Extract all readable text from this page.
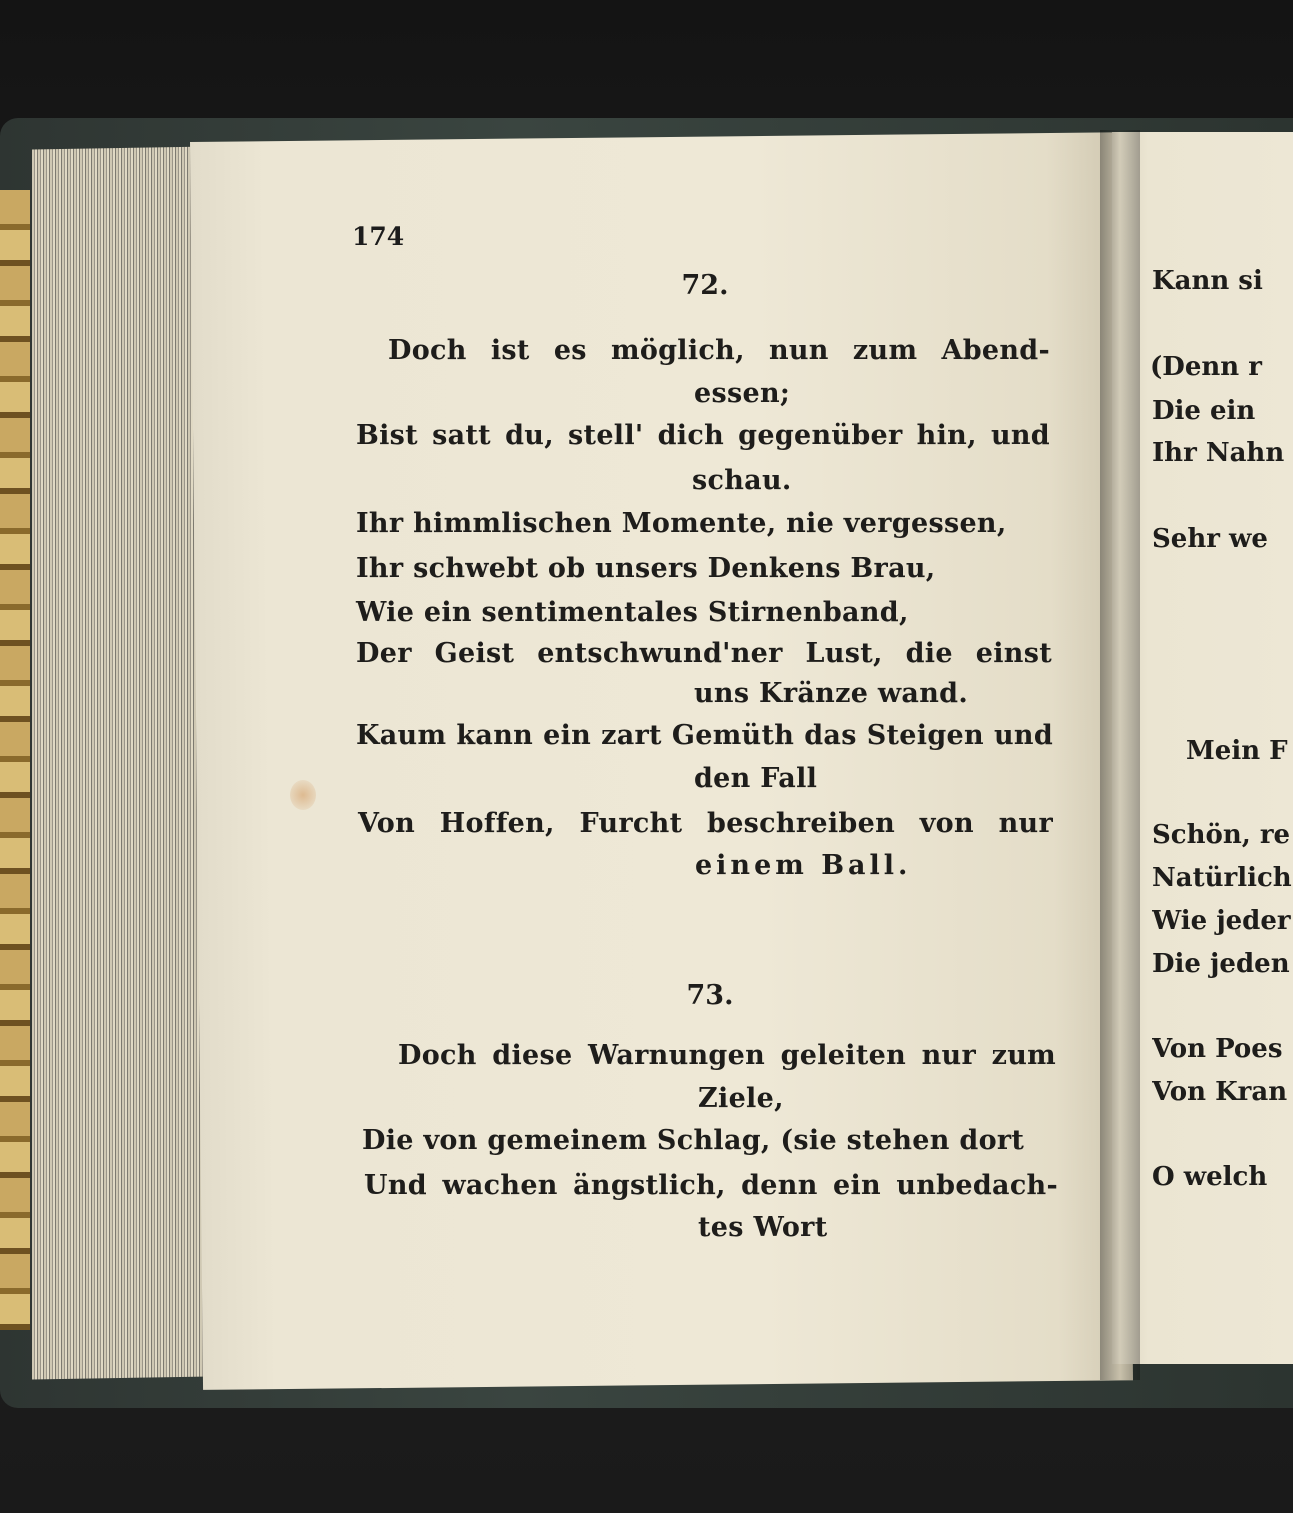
174
72.
Doch ist es möglich, nun zum Abend-
essen;
Bist satt du, stell' dich gegenüber hin, und
schau.
Ihr himmlischen Momente, nie vergessen,
Ihr schwebt ob unsers Denkens Brau,
Wie ein sentimentales Stirnenband,
Der Geist entschwund'ner Lust, die einst
uns Kränze wand.
Kaum kann ein zart Gemüth das Steigen und
den Fall
Von Hoffen, Furcht beschreiben von nur
einem Ball.
73.
Doch diese Warnungen geleiten nur zum
Ziele,
Die von gemeinem Schlag, (sie stehen dort
Und wachen ängstlich, denn ein unbedach-
tes Wort
Kann si
(Denn r
Die ein
Ihr Nahn
Sehr we
Mein F
Schön, re
Natürlich
Wie jeder
Die jeden
Von Poes
Von Kran
O welch
